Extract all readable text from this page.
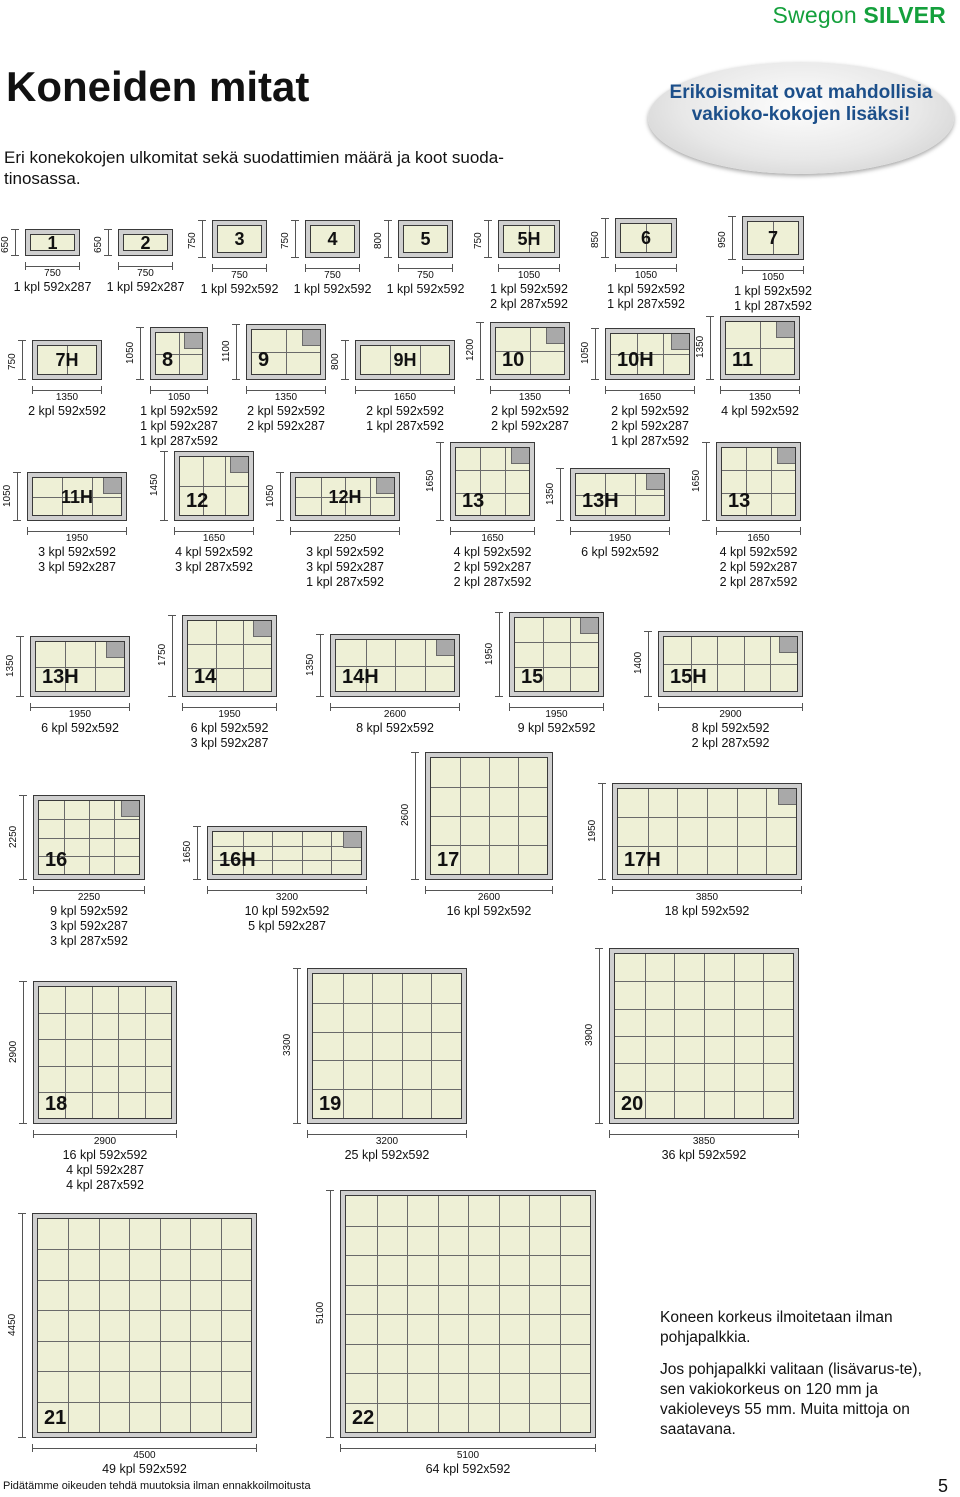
Swegon SILVER
Koneiden mitat
Eri konekokojen ulkomitat sekä suodattimien määrä ja koot suoda-tinosassa.
Erikoismitat ovat mahdollisia vakioko-kokojen lisäksi!
650 1
750
1 kpl 592x287
650 2
750
1 kpl 592x287
750 3
750
1 kpl 592x592
750 4
750
1 kpl 592x592
800 5
750
1 kpl 592x592
750 5H
1050
1 kpl 592x592
2 kpl 287x592
850 6
1050
1 kpl 592x592
1 kpl 287x592
950 7
1050
1 kpl 592x592
1 kpl 287x592
750 7H
1350
2 kpl 592x592
1050 8
1050
1 kpl 592x592
1 kpl 592x287
1 kpl 287x592
1100 9
1350
2 kpl 592x592
2 kpl 592x287
800	9H
1650
2 kpl 592x592
1 kpl 287x592
1200 10
1350
2 kpl 592x592
2 kpl 592x287
1050 10H
1650
2 kpl 592x592
2 kpl 592x287
1 kpl 287x592
1350
11
1350
4 kpl 592x592
1050	11H
1950
3 kpl 592x592
3 kpl 592x287
1450
12
1650
4 kpl 592x592
3 kpl 287x592
1050	12H
2250
3 kpl 592x592
3 kpl 592x287
1 kpl 287x592
1650
13
1650
4 kpl 592x592
2 kpl 592x287
2 kpl 287x592
1350 13H
1950
6 kpl 592x592
1650
13
1650
4 kpl 592x592
2 kpl 592x287
2 kpl 287x592
1350
13H
1950
6 kpl 592x592
1750
14
1950
6 kpl 592x592
3 kpl 592x287
1350
14H
2600
8 kpl 592x592
1950
15
1950
9 kpl 592x592
1400
15H
2900
8 kpl 592x592
2 kpl 287x592
2250
16
2250
9 kpl 592x592
3 kpl 592x287
3 kpl 287x592
1650 16H
3200
10 kpl 592x592
5 kpl 592x287
2600
17
2600
16 kpl 592x592
1950
17H
3850
18 kpl 592x592
2900
18
2900
16 kpl 592x592
4 kpl 592x287
4 kpl 287x592
3300
19
3200
25 kpl 592x592
3900
20
3850
36 kpl 592x592
4450
21
4500
49 kpl 592x592
5100
22
5100
64 kpl 592x592

Koneen korkeus ilmoitetaan ilman pohjapalkkia.

Jos pohjapalkki valitaan (lisävarus-te), sen vakiokorkeus on 120 mm ja vakioleveys 55 mm. Muita mittoja on saatavana.

Pidätämme oikeuden tehdä muutoksia ilman ennakkoilmoitusta	5
